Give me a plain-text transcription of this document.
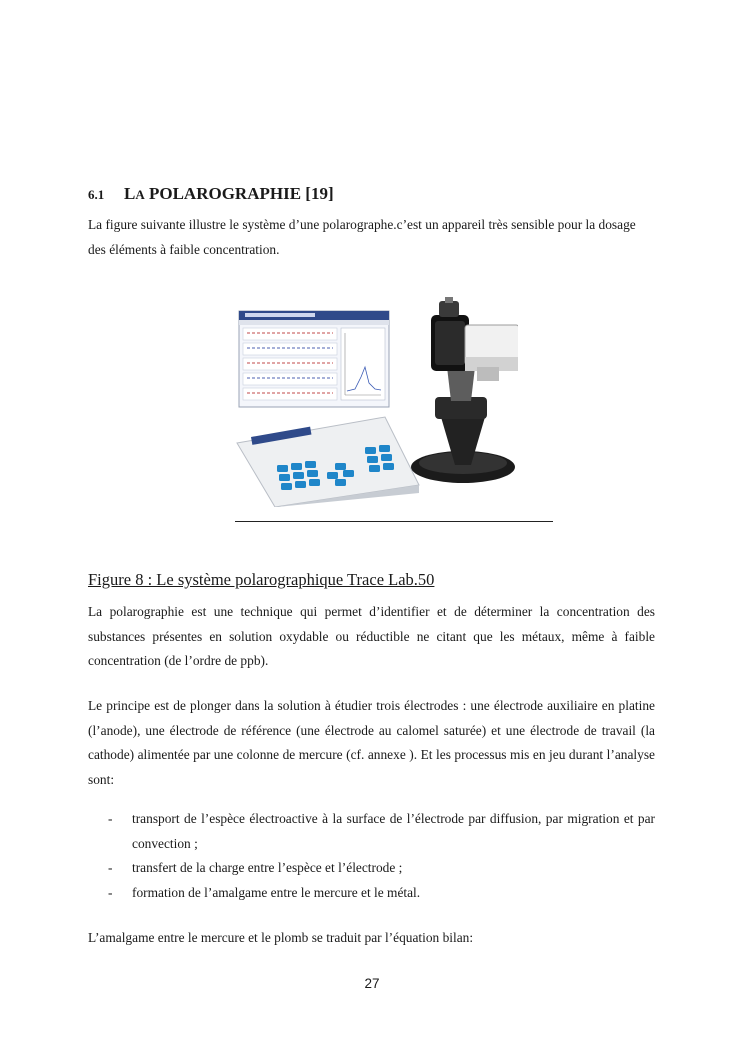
6.1 LA POLAROGRAPHIE [19]
La figure suivante illustre le système d’une polarographe.c’est un appareil très sensible pour la dosage des éléments à faible concentration.
Figure 8 : Le système polarographique Trace Lab.50
La polarographie est une technique qui permet d’identifier et de déterminer la concentration des substances présentes en solution oxydable ou réductible ne citant que les métaux, même à faible concentration (de l’ordre de ppb).
Le principe est de plonger dans la solution à étudier trois électrodes : une électrode auxiliaire en platine (l’anode), une électrode de référence (une électrode au calomel saturée) et une électrode de travail (la cathode) alimentée par une colonne de mercure (cf. annexe ). Et les processus mis en jeu durant l’analyse sont:
- transport de l’espèce électroactive à la surface de l’électrode par diffusion, par migration et par convection ;
- transfert de la charge entre l’espèce et l’électrode ;
- formation de l’amalgame entre le mercure et le métal.
L’amalgame entre le mercure et le plomb se traduit par l’équation bilan:
27
